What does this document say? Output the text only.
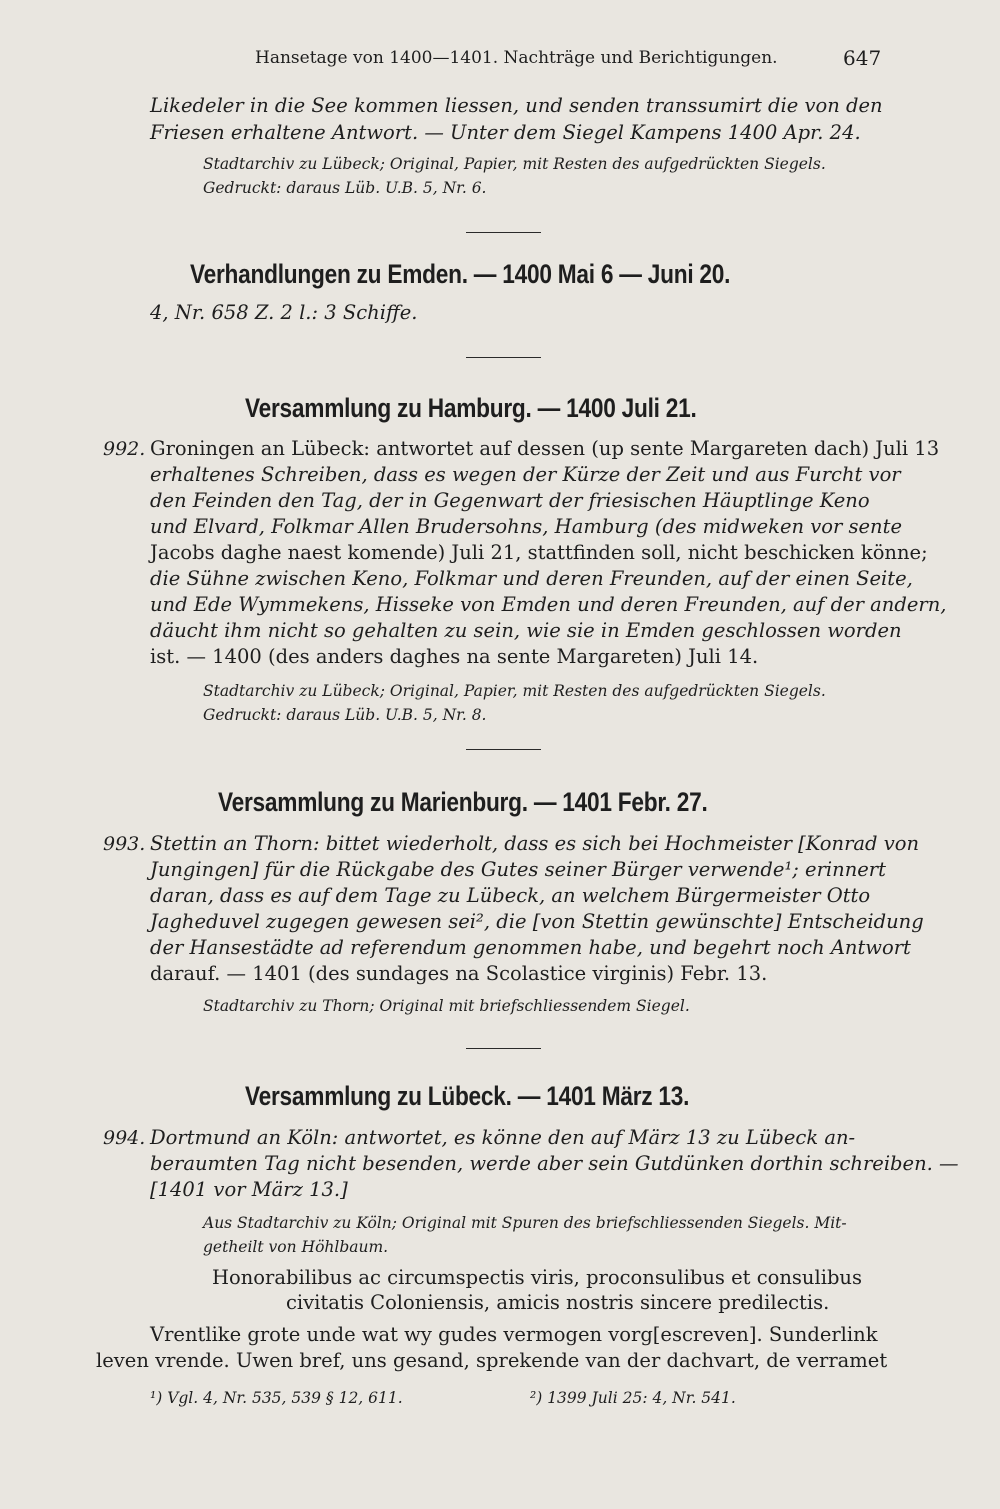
Hansetage von 1400—1401. Nachträge und Berichtigungen.	647
Likedeler in die See kommen liessen, und senden transsumirt die von den
Friesen erhaltene Antwort. — Unter dem Siegel Kampens 1400 Apr. 24.
Stadtarchiv zu Lübeck; Original, Papier, mit Resten des aufgedrückten Siegels.
Gedruckt: daraus Lüb. U.B. 5, Nr. 6.
Verhandlungen zu Emden. — 1400 Mai 6 — Juni 20.
4, Nr. 658 Z. 2 l.: 3 Schiffe.
Versammlung zu Hamburg. — 1400 Juli 21.
992. Groningen an Lübeck: antwortet auf dessen (up sente Margareten dach) Juli 13
erhaltenes Schreiben, dass es wegen der Kürze der Zeit und aus Furcht vor
den Feinden den Tag, der in Gegenwart der friesischen Häuptlinge Keno
und Elvard, Folkmar Allen Brudersohns, Hamburg (des midweken vor sente
Jacobs daghe naest komende) Juli 21, stattfinden soll, nicht beschicken könne;
die Sühne zwischen Keno, Folkmar und deren Freunden, auf der einen Seite,
und Ede Wymmekens, Hisseke von Emden und deren Freunden, auf der andern,
däucht ihm nicht so gehalten zu sein, wie sie in Emden geschlossen worden
ist. — 1400 (des anders daghes na sente Margareten) Juli 14.
Stadtarchiv zu Lübeck; Original, Papier, mit Resten des aufgedrückten Siegels.
Gedruckt: daraus Lüb. U.B. 5, Nr. 8.
Versammlung zu Marienburg. — 1401 Febr. 27.
993. Stettin an Thorn: bittet wiederholt, dass es sich bei Hochmeister [Konrad von
Jungingen] für die Rückgabe des Gutes seiner Bürger verwende¹; erinnert
daran, dass es auf dem Tage zu Lübeck, an welchem Bürgermeister Otto
Jagheduvel zugegen gewesen sei², die [von Stettin gewünschte] Entscheidung
der Hansestädte ad referendum genommen habe, und begehrt noch Antwort
darauf. — 1401 (des sundages na Scolastice virginis) Febr. 13.
Stadtarchiv zu Thorn; Original mit briefschliessendem Siegel.
Versammlung zu Lübeck. — 1401 März 13.
994. Dortmund an Köln: antwortet, es könne den auf März 13 zu Lübeck an-
beraumten Tag nicht besenden, werde aber sein Gutdünken dorthin schreiben. —
[1401 vor März 13.]
Aus Stadtarchiv zu Köln; Original mit Spuren des briefschliessenden Siegels. Mit-
getheilt von Höhlbaum.
Honorabilibus ac circumspectis viris, proconsulibus et consulibus
civitatis Coloniensis, amicis nostris sincere predilectis.
Vrentlike grote unde wat wy gudes vermogen vorg[escreven]. Sunderlink
leven vrende. Uwen bref, uns gesand, sprekende van der dachvart, de verramet
¹) Vgl. 4, Nr. 535, 539 § 12, 611.	²) 1399 Juli 25: 4, Nr. 541.
